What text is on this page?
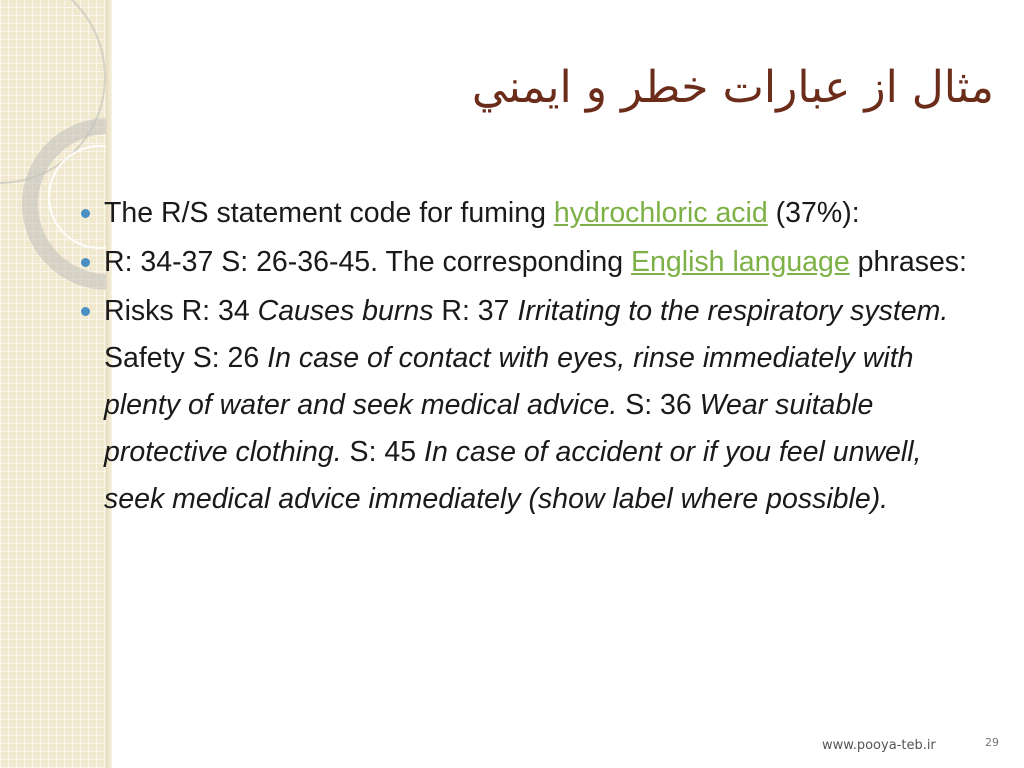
مثال از عبارات خطر و ايمني
The R/S statement code for fuming hydrochloric acid (37%):
R: 34-37 S: 26-36-45. The corresponding English language phrases:
Risks R: 34 Causes burns R: 37 Irritating to the respiratory system. Safety S: 26 In case of contact with eyes, rinse immediately with plenty of water and seek medical advice. S: 36 Wear suitable protective clothing. S: 45 In case of accident or if you feel unwell, seek medical advice immediately (show label where possible).
www.pooya-teb.ir	29
